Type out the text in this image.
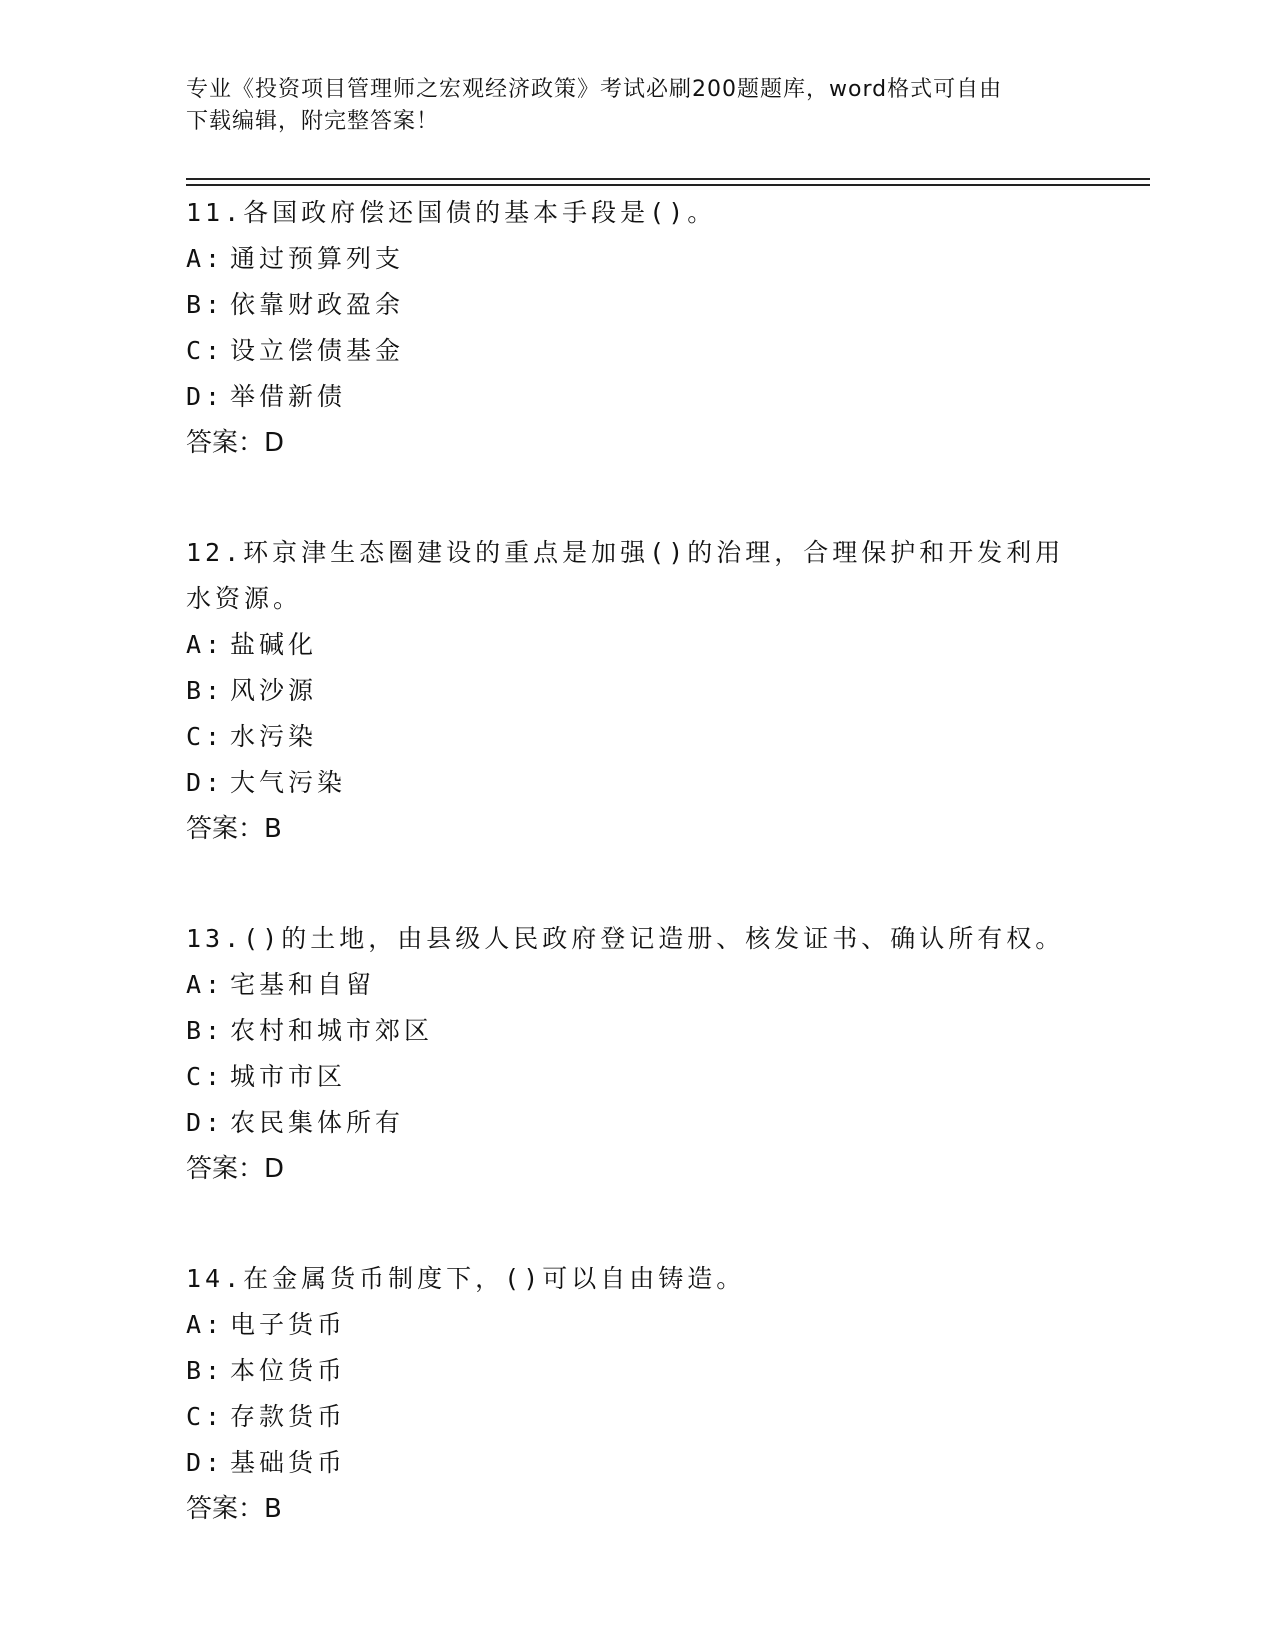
专业《投资项目管理师之宏观经济政策》考试必刷200题题库，word格式可自由
下载编辑，附完整答案！
11.各国政府偿还国债的基本手段是()。
A: 通过预算列支
B: 依靠财政盈余
C: 设立偿债基金
D: 举借新债
答案：D
12.环京津生态圈建设的重点是加强()的治理，合理保护和开发利用水资源。
A: 盐碱化
B: 风沙源
C: 水污染
D: 大气污染
答案：B
13.()的土地，由县级人民政府登记造册、核发证书、确认所有权。
A: 宅基和自留
B: 农村和城市郊区
C: 城市市区
D: 农民集体所有
答案：D
14.在金属货币制度下，()可以自由铸造。
A: 电子货币
B: 本位货币
C: 存款货币
D: 基础货币
答案：B
